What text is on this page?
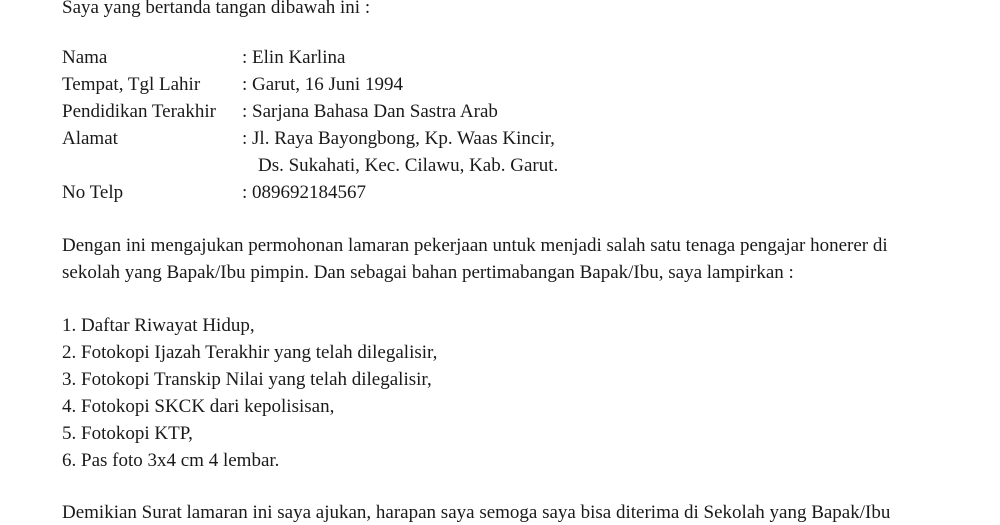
Saya yang bertanda tangan dibawah ini :
Nama	: Elin Karlina
Tempat, Tgl Lahir : Garut, 16 Juni 1994
Pendidikan Terakhir : Sarjana Bahasa Dan Sastra Arab
Alamat	: Jl. Raya Bayongbong, Kp. Waas Kincir,
Ds. Sukahati, Kec. Cilawu, Kab. Garut.
No Telp	: 089692184567
Dengan ini mengajukan permohonan lamaran pekerjaan untuk menjadi salah satu tenaga pengajar honerer di
sekolah yang Bapak/Ibu pimpin. Dan sebagai bahan pertimabangan Bapak/Ibu, saya lampirkan :
1. Daftar Riwayat Hidup,
2. Fotokopi Ijazah Terakhir yang telah dilegalisir,
3. Fotokopi Transkip Nilai yang telah dilegalisir,
4. Fotokopi SKCK dari kepolisisan,
5. Fotokopi KTP,
6. Pas foto 3x4 cm 4 lembar.
Demikian Surat lamaran ini saya ajukan, harapan saya semoga saya bisa diterima di Sekolah yang Bapak/Ibu
